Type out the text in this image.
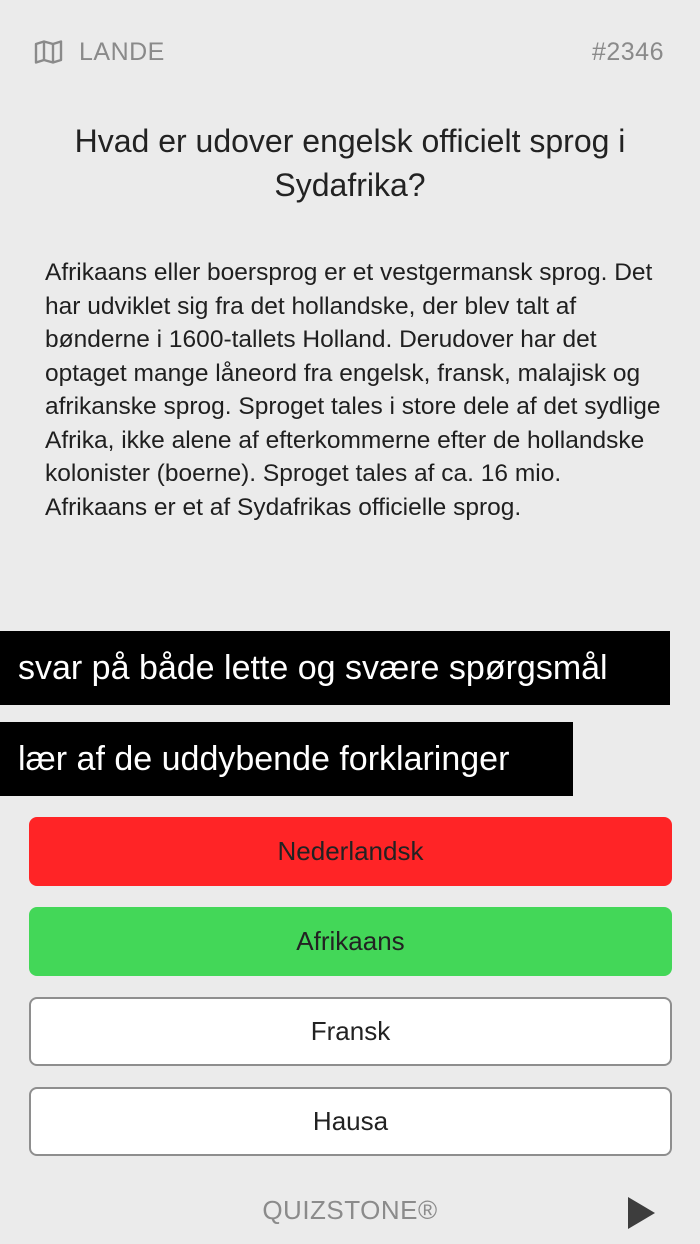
LANDE	#2346
Hvad er udover engelsk officielt sprog i Sydafrika?
Afrikaans eller boersprog er et vestgermansk sprog. Det har udviklet sig fra det hollandske, der blev talt af bønderne i 1600-tallets Holland. Derudover har det optaget mange låneord fra engelsk, fransk, malajisk og afrikanske sprog. Sproget tales i store dele af det sydlige Afrika, ikke alene af efterkommerne efter de hollandske kolonister (boerne). Sproget tales af ca. 16 mio. Afrikaans er et af Sydafrikas officielle sprog.
svar på både lette og svære spørgsmål
lær af de uddybende forklaringer
Nederlandsk
Afrikaans
Fransk
Hausa
QUIZSTONE®
